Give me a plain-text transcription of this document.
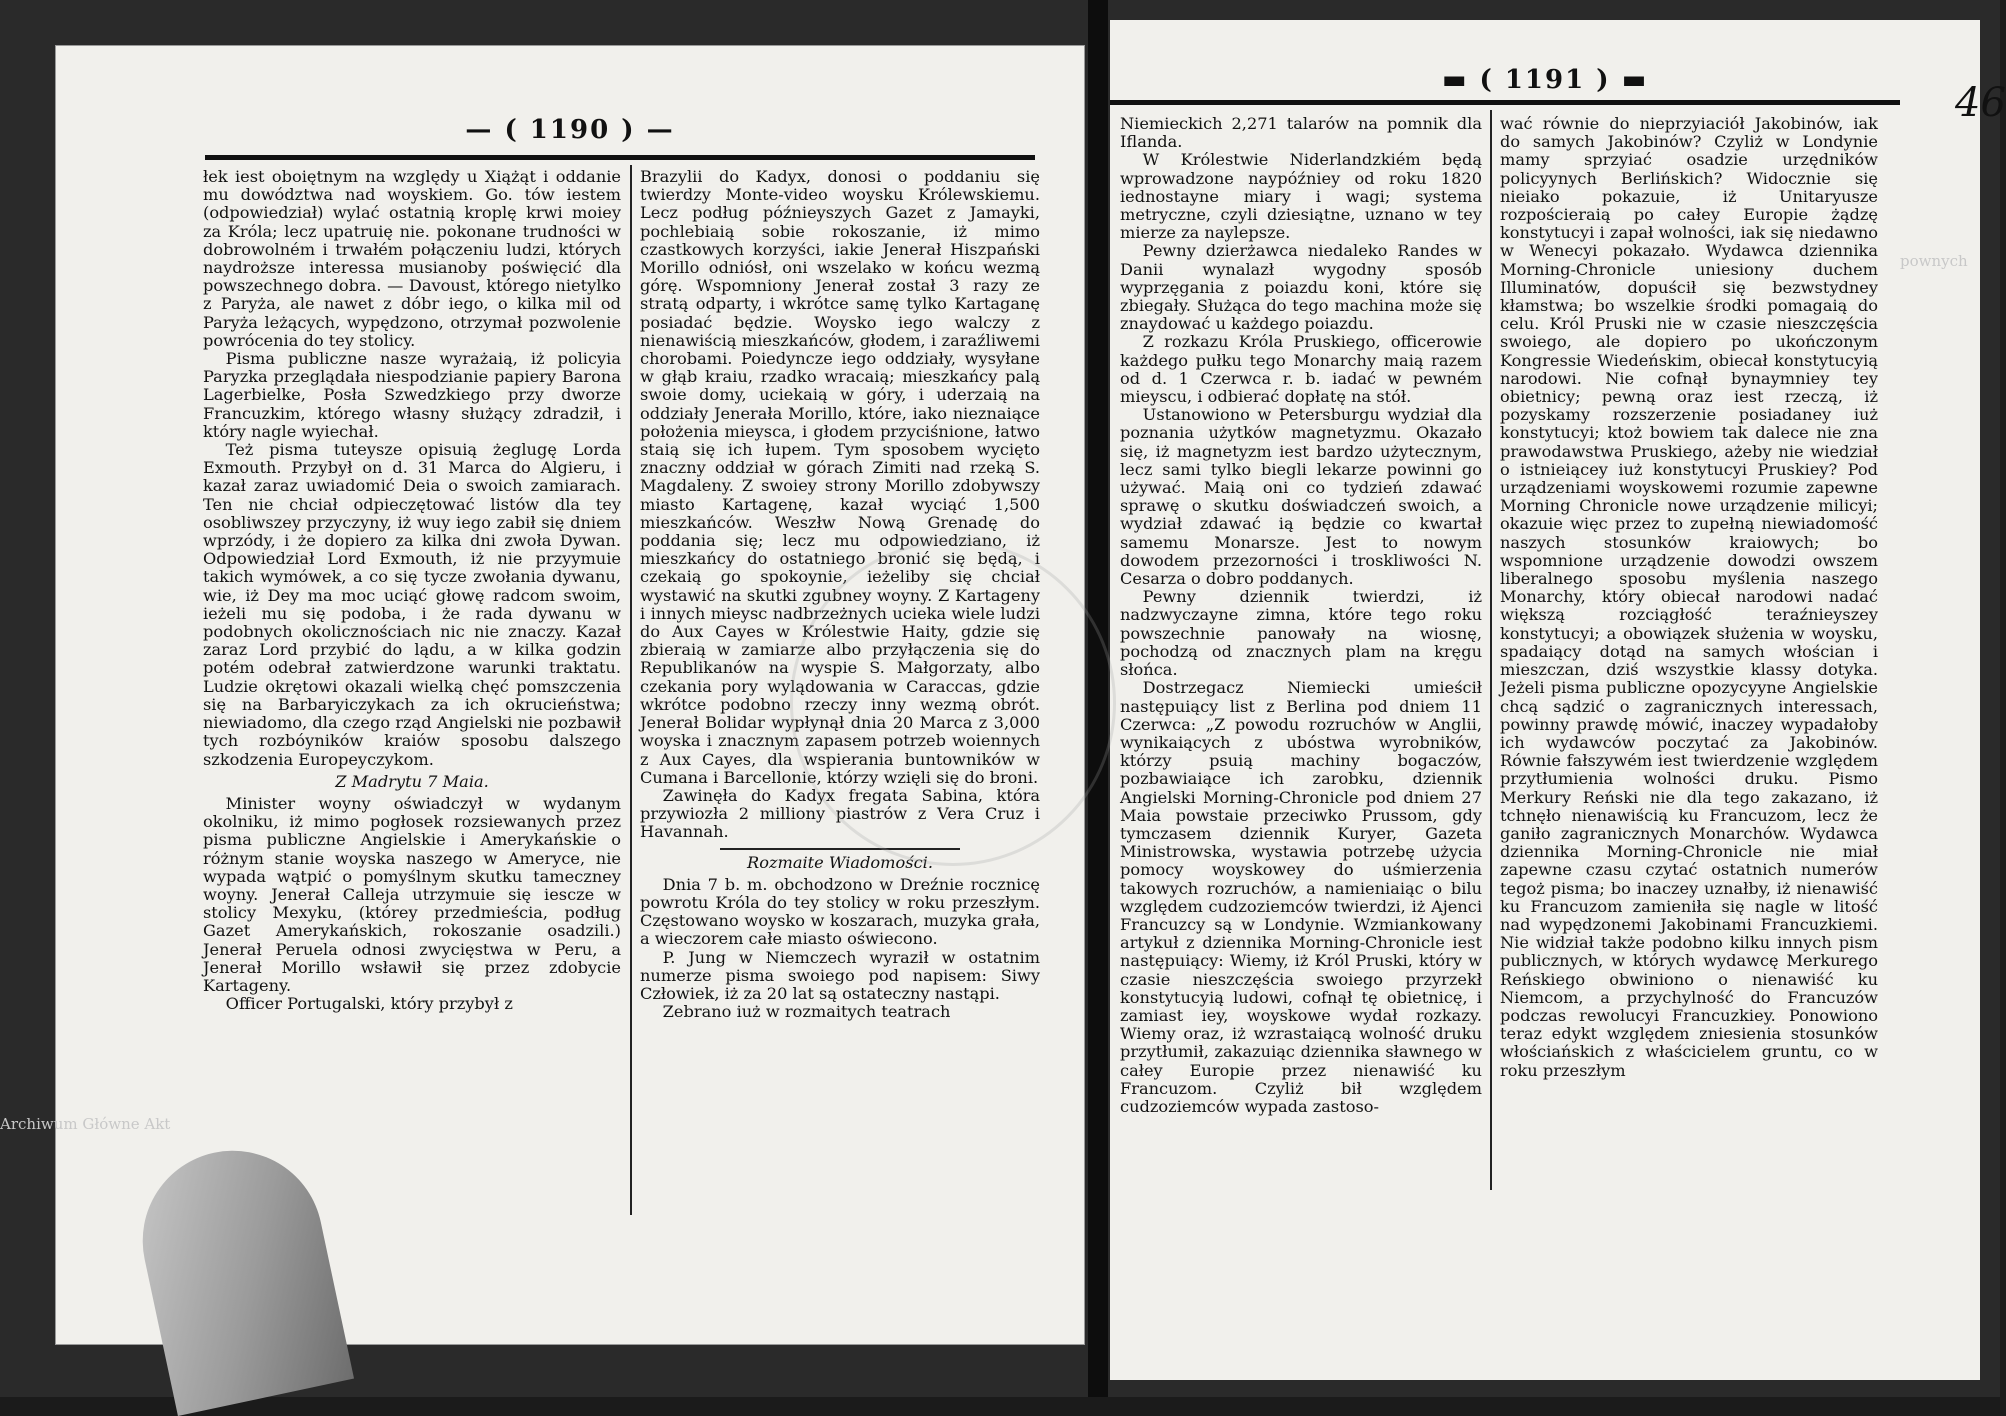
— ( 1190 ) —

łek iest oboiętnym na względy u Xiążąt i oddanie mu dowództwa nad woyskiem. Go. tów iestem (odpowiedział) wylać ostatnią kroplę krwi moiey za Króla; lecz upatruię nie. pokonane trudności w dobrowolném i trwałém połączeniu ludzi, których naydroższe interessa musianoby poświęcić dla powszechnego dobra. — Davoust, którego nietylko z Paryża, ale nawet z dóbr iego, o kilka mil od Paryża leżących, wypędzono, otrzymał pozwolenie powrócenia do tey stolicy.

Pisma publiczne nasze wyrażaią, iż policyia Paryzka przeglądała niespodzianie papiery Barona Lagerbielke, Posła Szwedzkiego przy dworze Francuzkim, którego własny służący zdradził, i który nagle wyiechał.

Też pisma tuteysze opisuią żeglugę Lorda Exmouth. Przybył on d. 31 Marca do Algieru, i kazał zaraz uwiadomić Deia o swoich zamiarach. Ten nie chciał odpieczętować listów dla tey osobliwszey przyczyny, iż wuy iego zabił się dniem wprzódy, i że dopiero za kilka dni zwoła Dywan. Odpowiedział Lord Exmouth, iż nie przyymuie takich wymówek, a co się tycze zwołania dywanu, wie, iż Dey ma moc uciąć głowę radcom swoim, ieżeli mu się podoba, i że rada dywanu w podobnych okolicznościach nic nie znaczy. Kazał zaraz Lord przybić do lądu, a w kilka godzin potém odebrał zatwierdzone warunki traktatu. Ludzie okrętowi okazali wielką chęć pomszczenia się na Barbaryiczykach za ich okrucieństwa; niewiadomo, dla czego rząd Angielski nie pozbawił tych rozbóyników kraiów sposobu dalszego szkodzenia Europeyczykom.

Z Madrytu 7 Maia.

Minister woyny oświadczył w wydanym okolniku, iż mimo pogłosek rozsiewanych przez pisma publiczne Angielskie i Amerykańskie o różnym stanie woyska naszego w Ameryce, nie wypada wątpić o pomyślnym skutku tameczney woyny. Jenerał Calleja utrzymuie się iescze w stolicy Mexyku, (którey przedmieścia, podług Gazet Amerykańskich, rokoszanie osadzili.) Jenerał Peruela odnosi zwycięstwa w Peru, a Jenerał Morillo wsławił się przez zdobycie Kartageny.

Officer Portugalski, który przybył z

Brazylii do Kadyx, donosi o poddaniu się twierdzy Monte-video woysku Królewskiemu. Lecz podług późnieyszych Gazet z Jamayki, pochlebiaią sobie rokoszanie, iż mimo czastkowych korzyści, iakie Jenerał Hiszpański Morillo odniósł, oni wszelako w końcu wezmą górę. Wspomniony Jenerał został 3 razy ze stratą odparty, i wkrótce samę tylko Kartaganę posiadać będzie. Woysko iego walczy z nienawiścią mieszkańców, głodem, i zaraźliwemi chorobami. Poiedyncze iego oddziały, wysyłane w głąb kraiu, rzadko wracaią; mieszkańcy palą swoie domy, uciekaią w góry, i uderzaią na oddziały Jenerała Morillo, które, iako nieznaiące położenia mieysca, i głodem przyciśnione, łatwo staią się ich łupem. Tym sposobem wycięto znaczny oddział w górach Zimiti nad rzeką S. Magdaleny. Z swoiey strony Morillo zdobywszy miasto Kartagenę, kazał wyciąć 1,500 mieszkańców. Weszłw Nową Grenadę do poddania się; lecz mu odpowiedziano, iż mieszkańcy do ostatniego bronić się będą, i czekaią go spokoynie, ieżeliby się chciał wystawić na skutki zgubney woyny. Z Kartageny i innych mieysc nadbrzeżnych ucieka wiele ludzi do Aux Cayes w Królestwie Haity, gdzie się zbieraią w zamiarze albo przyłączenia się do Republikanów na wyspie S. Małgorzaty, albo czekania pory wylądowania w Caraccas, gdzie wkrótce podobno rzeczy inny wezmą obrót. Jenerał Bolidar wypłynął dnia 20 Marca z 3,000 woyska i znacznym zapasem potrzeb woiennych z Aux Cayes, dla wspierania buntowników w Cumana i Barcellonie, którzy wzięli się do broni.

Zawinęła do Kadyx fregata Sabina, która przywiozła 2 milliony piastrów z Vera Cruz i Havannah.

Rozmaite Wiadomości.

Dnia 7 b. m. obchodzono w Dreźnie rocznicę powrotu Króla do tey stolicy w roku przeszłym. Częstowano woysko w koszarach, muzyka grała, a wieczorem całe miasto oświecono.

P. Jung w Niemczech wyraził w ostatnim numerze pisma swoiego pod napisem: Siwy Człowiek, iż za 20 lat są ostateczny nastąpi.

Zebrano iuż w rozmaitych teatrach

▬ ( 1191 ) ▬

Niemieckich 2,271 talarów na pomnik dla Iflanda.

W Królestwie Niderlandzkiém będą wprowadzone naypóźniey od roku 1820 iednostayne miary i wagi; systema metryczne, czyli dziesiątne, uznano w tey mierze za naylepsze.

Pewny dzierżawca niedaleko Randes w Danii wynalazł wygodny sposób wyprzęgania z poiazdu koni, które się zbiegały. Służąca do tego machina może się znaydować u każdego poiazdu.

Z rozkazu Króla Pruskiego, officerowie każdego pułku tego Monarchy maią razem od d. 1 Czerwca r. b. iadać w pewném mieyscu, i odbierać dopłatę na stół.

Ustanowiono w Petersburgu wydział dla poznania użytków magnetyzmu. Okazało się, iż magnetyzm iest bardzo użytecznym, lecz sami tylko biegli lekarze powinni go używać. Maią oni co tydzień zdawać sprawę o skutku doświadczeń swoich, a wydział zdawać ią będzie co kwartał samemu Monarsze. Jest to nowym dowodem przezorności i troskliwości N. Cesarza o dobro poddanych.

Pewny dziennik twierdzi, iż nadzwyczayne zimna, które tego roku powszechnie panowały na wiosnę, pochodzą od znacznych plam na kręgu słońca.

Dostrzegacz Niemiecki umieścił następuiący list z Berlina pod dniem 11 Czerwca: „Z powodu rozruchów w Anglii, wynikaiących z ubóstwa wyrobników, którzy psuią machiny bogaczów, pozbawiaiące ich zarobku, dziennik Angielski Morning-Chronicle pod dniem 27 Maia powstaie przeciwko Prussom, gdy tymczasem dziennik Kuryer, Gazeta Ministrowska, wystawia potrzebę użycia pomocy woyskowey do uśmierzenia takowych rozruchów, a namieniaiąc o bilu względem cudzoziemców twierdzi, iż Ajenci Francuzcy są w Londynie. Wzmiankowany artykuł z dziennika Morning-Chronicle iest następuiący: Wiemy, iż Król Pruski, który w czasie nieszczęścia swoiego przyrzekł konstytucyią ludowi, cofnął tę obietnicę, i zamiast iey, woyskowe wydał rozkazy. Wiemy oraz, iż wzrastaiącą wolność druku przytłumił, zakazuiąc dziennika sławnego w całey Europie przez nienawiść ku Francuzom. Czyliż bił względem cudzoziemców wypada zastoso-

wać równie do nieprzyiaciół Jakobinów, iak do samych Jakobinów? Czyliż w Londynie mamy sprzyiać osadzie urzędników policyynych Berlińskich? Widocznie się nieiako pokazuie, iż Unitaryusze rozpościeraią po całey Europie żądzę konstytucyi i zapał wolności, iak się niedawno w Wenecyi pokazało. Wydawca dziennika Morning-Chronicle uniesiony duchem Illuminatów, dopuścił się bezwstydney kłamstwa; bo wszelkie środki pomagaią do celu. Król Pruski nie w czasie nieszczęścia swoiego, ale dopiero po ukończonym Kongressie Wiedeńskim, obiecał konstytucyią narodowi. Nie cofnął bynaymniey tey obietnicy; pewną oraz iest rzeczą, iż pozyskamy rozszerzenie posiadaney iuż konstytucyi; ktoż bowiem tak dalece nie zna prawodawstwa Pruskiego, ażeby nie wiedział o istnieiącey iuż konstytucyi Pruskiey? Pod urządzeniami woyskowemi rozumie zapewne Morning Chronicle nowe urządzenie milicyi; okazuie więc przez to zupełną niewiadomość naszych stosunków kraiowych; bo wspomnione urządzenie dowodzi owszem liberalnego sposobu myślenia naszego Monarchy, który obiecał narodowi nadać większą rozciągłość teraźnieyszey konstytucyi; a obowiązek służenia w woysku, spadaiący dotąd na samych włościan i mieszczan, dziś wszystkie klassy dotyka. Jeżeli pisma publiczne opozycyyne Angielskie chcą sądzić o zagranicznych interessach, powinny prawdę mówić, inaczey wypadałoby ich wydawców poczytać za Jakobinów. Równie fałszywém iest twierdzenie względem przytłumienia wolności druku. Pismo Merkury Reński nie dla tego zakazano, iż tchnęło nienawiścią ku Francuzom, lecz że ganiło zagranicznych Monarchów. Wydawca dziennika Morning-Chronicle nie miał zapewne czasu czytać ostatnich numerów tegoż pisma; bo inaczey uznałby, iż nienawiść ku Francuzom zamieniła się nagle w litość nad wypędzonemi Jakobinami Francuzkiemi. Nie widział także podobno kilku innych pism publicznych, w których wydawcę Merkurego Reńskiego obwiniono o nienawiść ku Niemcom, a przychylność do Francuzów podczas rewolucyi Francuzkiey. Ponowiono teraz edykt względem zniesienia stosunków włościańskich z właścicielem gruntu, co w roku przeszłym

46
Archiwum Główne Akt
pownych
